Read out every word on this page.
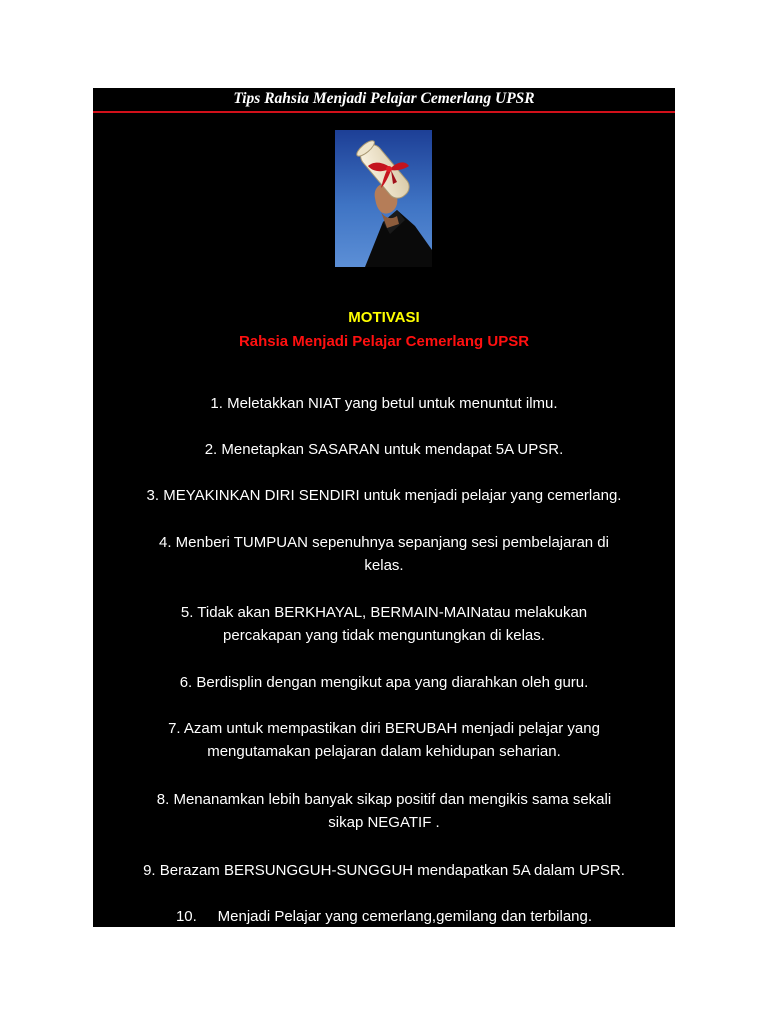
Tips Rahsia Menjadi Pelajar Cemerlang UPSR
MOTIVASI
Rahsia Menjadi Pelajar Cemerlang UPSR
1. Meletakkan NIAT yang betul untuk menuntut ilmu.
2. Menetapkan SASARAN untuk mendapat 5A UPSR.
3. MEYAKINKAN DIRI SENDIRI untuk menjadi pelajar yang cemerlang.
4. Menberi TUMPUAN sepenuhnya sepanjang sesi pembelajaran di
kelas.
5. Tidak akan BERKHAYAL, BERMAIN-MAINatau melakukan
percakapan yang tidak menguntungkan di kelas.
6. Berdisplin dengan mengikut apa yang diarahkan oleh guru.
7. Azam untuk mempastikan diri BERUBAH menjadi pelajar yang
mengutamakan pelajaran dalam kehidupan seharian.
8. Menanamkan lebih banyak sikap positif dan mengikis sama sekali
sikap NEGATIF .
9. Berazam BERSUNGGUH-SUNGGUH mendapatkan 5A dalam UPSR.
10.     Menjadi Pelajar yang cemerlang,gemilang dan terbilang.
